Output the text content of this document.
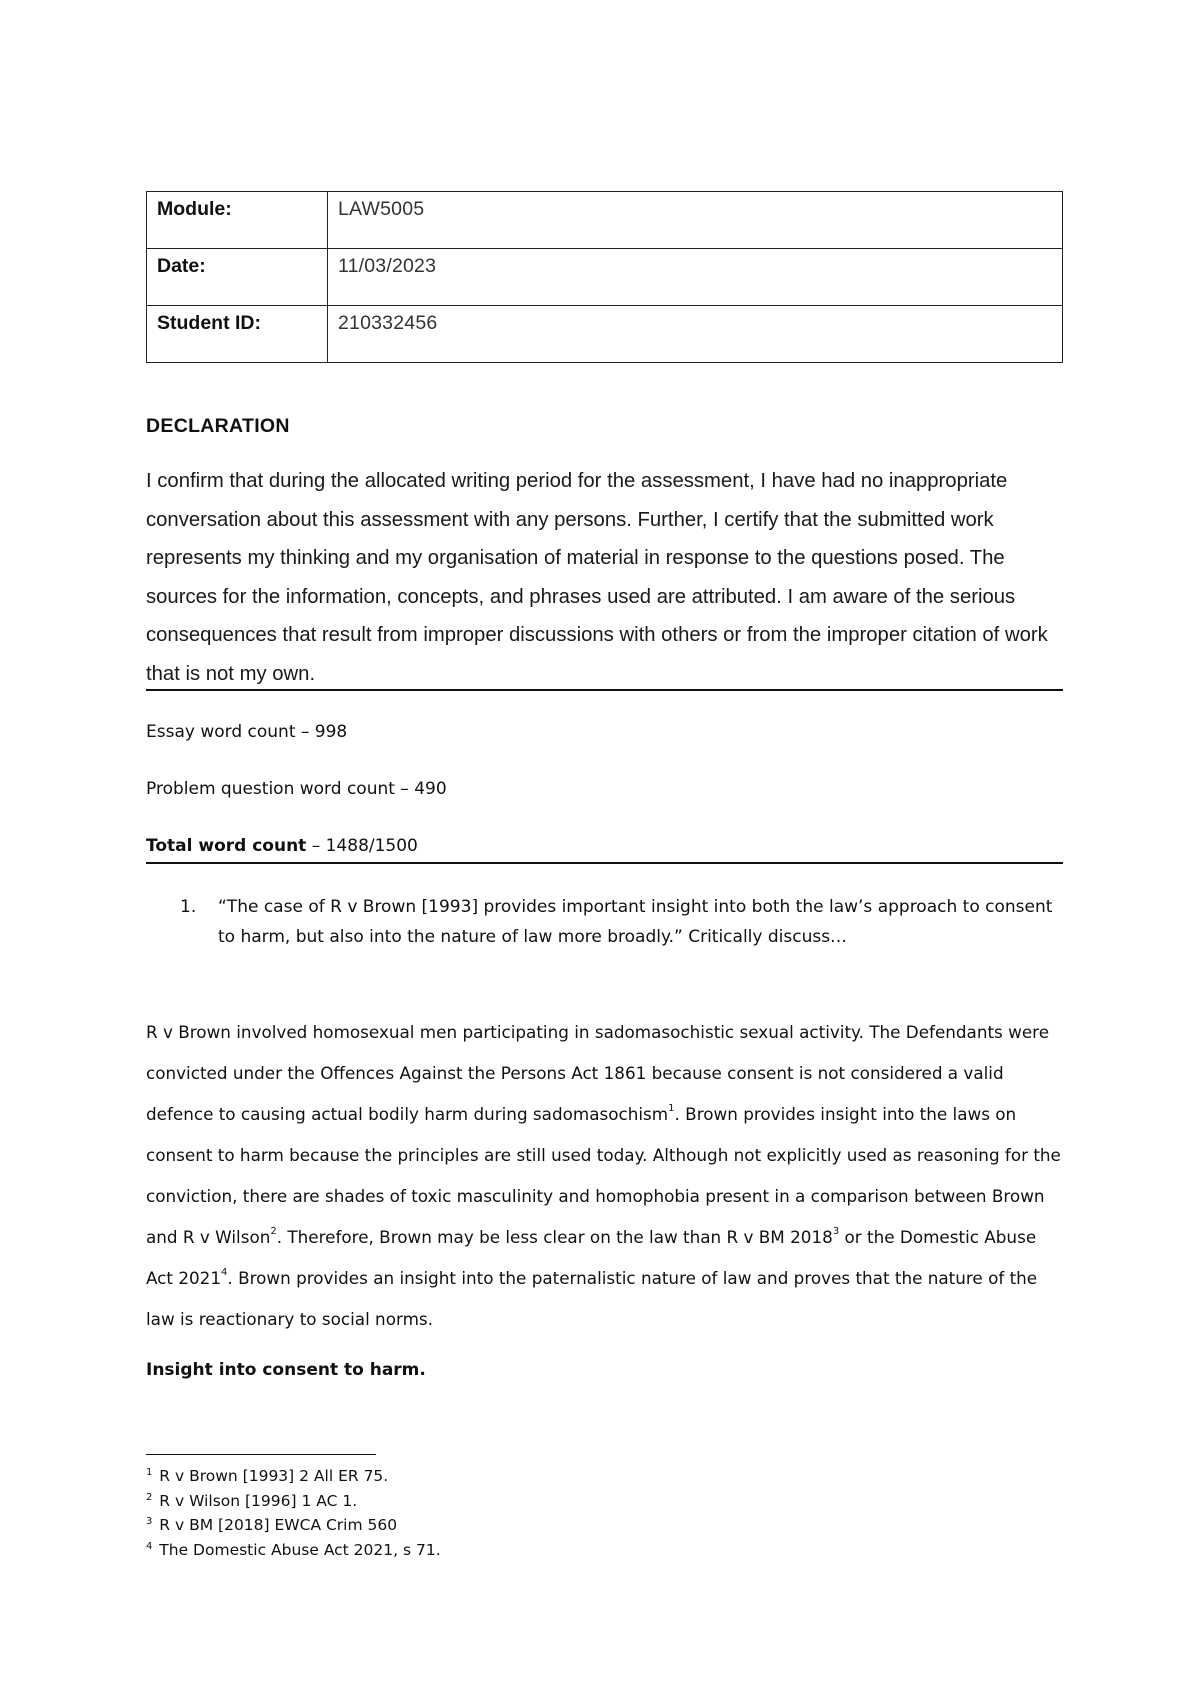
Module:	LAW5005
Date:	11/03/2023
Student ID:	210332456
DECLARATION

I confirm that during the allocated writing period for the assessment, I have had no inappropriate conversation about this assessment with any persons. Further, I certify that the submitted work represents my thinking and my organisation of material in response to the questions posed. The sources for the information, concepts, and phrases used are attributed. I am aware of the serious consequences that result from improper discussions with others or from the improper citation of work that is not my own.

Essay word count – 998
Problem question word count – 490
Total word count – 1488/1500
1. “The case of R v Brown [1993] provides important insight into both the law’s approach to consent to harm, but also into the nature of law more broadly.” Critically discuss…

R v Brown involved homosexual men participating in sadomasochistic sexual activity. The Defendants were convicted under the Offences Against the Persons Act 1861 because consent is not considered a valid defence to causing actual bodily harm during sadomasochism$^1$. Brown provides insight into the laws on consent to harm because the principles are still used today. Although not explicitly used as reasoning for the conviction, there are shades of toxic masculinity and homophobia present in a comparison between Brown and R v Wilson$^2$. Therefore, Brown may be less clear on the law than R v BM 2018$^3$ or the Domestic Abuse Act 2021$^4$. Brown provides an insight into the paternalistic nature of law and proves that the nature of the law is reactionary to social norms.

Insight into consent to harm.
$^1$ R v Brown [1993] 2 All ER 75.
$^2$ R v Wilson [1996] 1 AC 1.
$^3$ R v BM [2018] EWCA Crim 560
$^4$ The Domestic Abuse Act 2021, s 71.
